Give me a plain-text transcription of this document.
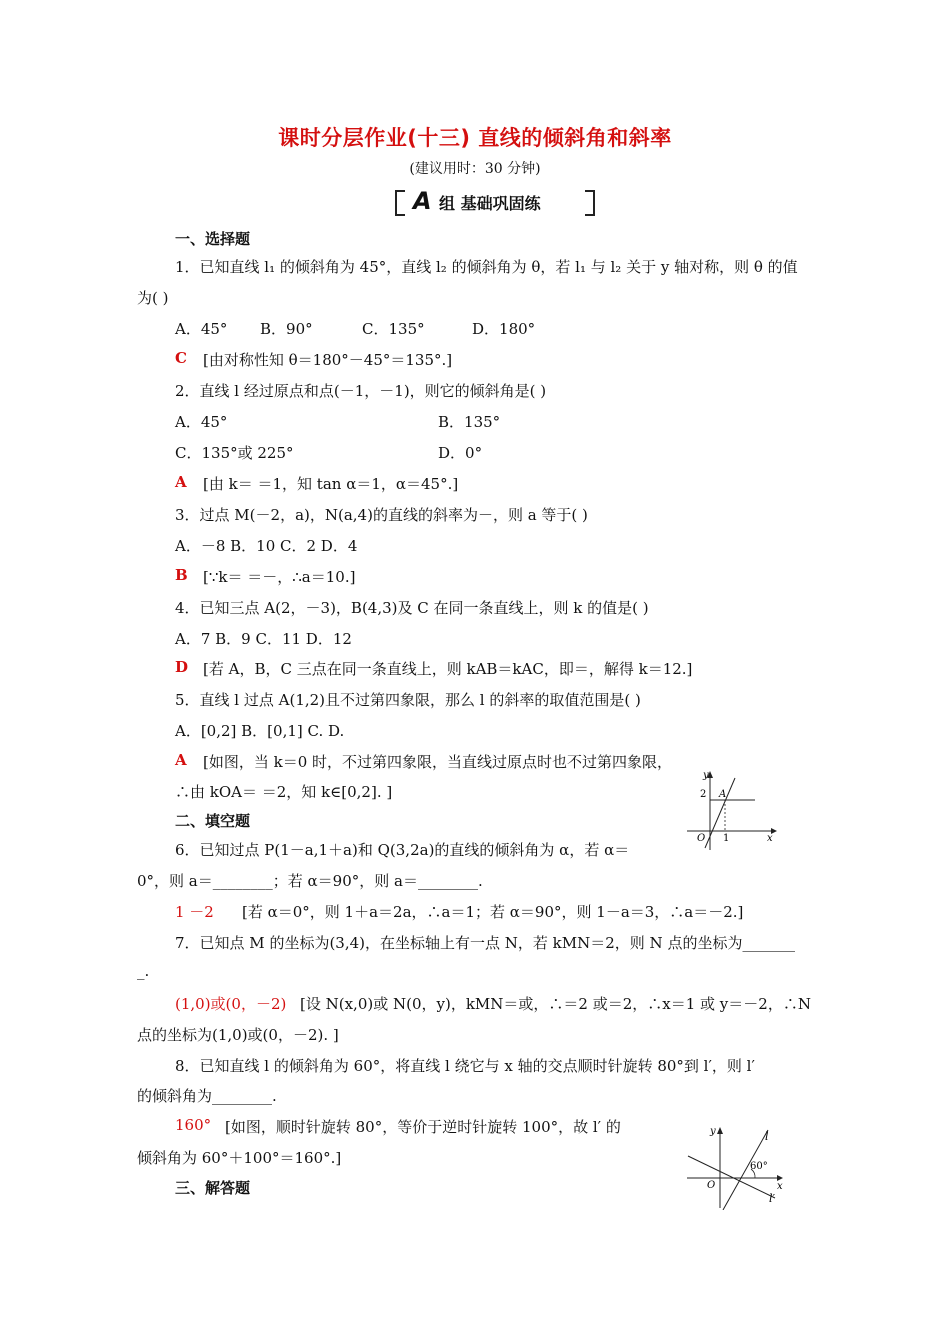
课时分层作业(十三) 直线的倾斜角和斜率
(建议用时：30 分钟)
A 组 基础巩固练
一、选择题
1．已知直线 l₁ 的倾斜角为 45°，直线 l₂ 的倾斜角为 θ，若 l₁ 与 l₂ 关于 y 轴对称，则 θ 的值
为( )
A．45° B．90°	C．135°	D．180°
C [由对称性知 θ＝180°－45°＝135°.]
2．直线 l 经过原点和点(－1，－1)，则它的倾斜角是( )
A．45°	B．135°
C．135°或 225°	D．0°
A [由 k＝ ＝1，知 tan α＝1，α＝45°.]
3．过点 M(－2，a)，N(a,4)的直线的斜率为－，则 a 等于( )
A．－8 B．10 C．2 D．4
B [∵k＝ ＝－，∴a＝10.]
4．已知三点 A(2，－3)，B(4,3)及 C 在同一条直线上，则 k 的值是( )
A．7 B．9 C．11 D．12
D [若 A，B，C 三点在同一条直线上，则 kAB＝kAC，即＝，解得 k＝12.]
5．直线 l 过点 A(1,2)且不过第四象限，那么 l 的斜率的取值范围是( )
A．[0,2] B．[0,1] C. D.
A [如图，当 k＝0 时，不过第四象限，当直线过原点时也不过第四象限，
∴由 kOA＝ ＝2，知 k∈[0,2]. ]
y
x
O
2
1
A
二、填空题
6．已知过点 P(1－a,1＋a)和 Q(3,2a)的直线的倾斜角为 α，若 α＝
0°，则 a＝________；若 α＝90°，则 a＝________.
1 －2 [若 α＝0°，则 1＋a＝2a，∴a＝1；若 α＝90°，则 1－a＝3，∴a＝－2.]
7．已知点 M 的坐标为(3,4)，在坐标轴上有一点 N，若 kMN＝2，则 N 点的坐标为_______
_.
(1,0)或(0，－2) [设 N(x,0)或 N(0，y)，kMN＝或，∴＝2 或＝2，∴x＝1 或 y＝－2，∴N
点的坐标为(1,0)或(0，－2). ]
8．已知直线 l 的倾斜角为 60°，将直线 l 绕它与 x 轴的交点顺时针旋转 80°到 l′，则 l′
的倾斜角为________.
160° [如图，顺时针旋转 80°，等价于逆时针旋转 100°，故 l′ 的
倾斜角为 60°＋100°＝160°.]
y
x
O
l
l′
60°
三、解答题
